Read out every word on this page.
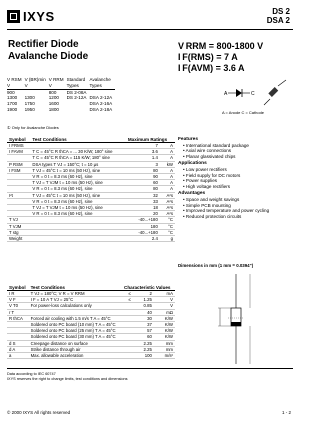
IXYS	DS 2
DSA 2
Rectifier Diode
Avalanche Diode
V RRM = 800-1800 V
I F(RMS) = 7 A
I F(AVM) = 3.6 A
A	C
A = Anode C = Cathode
V RSM	V (BR)min	V RRM	Standard	Avalanche
V	V	V	Types	Types
900		800	DS 2-08A	
1300	1300	1200	DS 2-12A	DSA 2-12A
1700	1750	1600		DSA 2-16A
1900	1950	1800		DSA 2-18A
① Only for Avalanche Diodes
Symbol	Test Conditions	Maximum Ratings	
I FRMS		7	A
I FAVM	T C = 45°C R thCA = ... 30 K/W; 180° sine	3.6	A
	T C = 45°C R thCA = 115 K/W; 180° sine	1.4	A
P RSM	DSA types T VJ = 150°C; t = 10 µs	3	kW
I FSM	T VJ = 45°C t = 10 ms (50 Hz), sine	80	A
	V R = 0 t = 8.3 ms (60 Hz), sine	90	A
	T VJ = T VJM t = 10 ms (50 Hz), sine	60	A
	V R = 0 t = 8.3 ms (60 Hz), sine	80	A
I²t	T VJ = 45°C t = 10 ms (50 Hz), sine	32	A²s
	V R = 0 t = 8.3 ms (60 Hz), sine	33	A²s
	T VJ = T VJM t = 10 ms (50 Hz), sine	18	A²s
	V R = 0 t = 8.3 ms (60 Hz), sine	20	A²s
T VJ		-40...+180	°C
T VJM		180	°C
T stg		-40...+180	°C
Weight		2.4	g
Features
• International standard package
• Axial wire connections
• Planar glassivated chips
Applications
• Low power rectifiers
• Field supply for DC motors
• Power supplies
• High voltage rectifiers
Advantages
• Space and weight savings
• Simple PCB mounting
• Improved temperature and power cycling
• Reduced protection circuits
Symbol	Test Conditions	Characteristic Values		
I R	T VJ = 180°C; V R = V RRM	≤	2	mA
V F	I F = 10 A T VJ = 25°C	≤	1.25	V
V T0	For power-loss calculations only		0.85	V
r T			40	mΩ
R thCA	Forced air cooling with 1.5 m/s T A = 45°C		30	K/W
	Soldered onto PC board (10 mm) T A = 45°C		37	K/W
	Soldered onto PC board (25 mm) T A = 45°C		57	K/W
	Soldered onto PC board (30 mm) T A = 45°C		60	K/W
d S	Creepage distance on surface		2.25	mm
d A	Strike distance through air		2.25	mm
a	Max. allowable acceleration		100	m/s²
Dimensions in mm (1 mm = 0.0394")
Data according to IEC 60747
IXYS reserves the right to change limits, test conditions and dimensions
© 2000 IXYS All rights reserved	1 - 2
